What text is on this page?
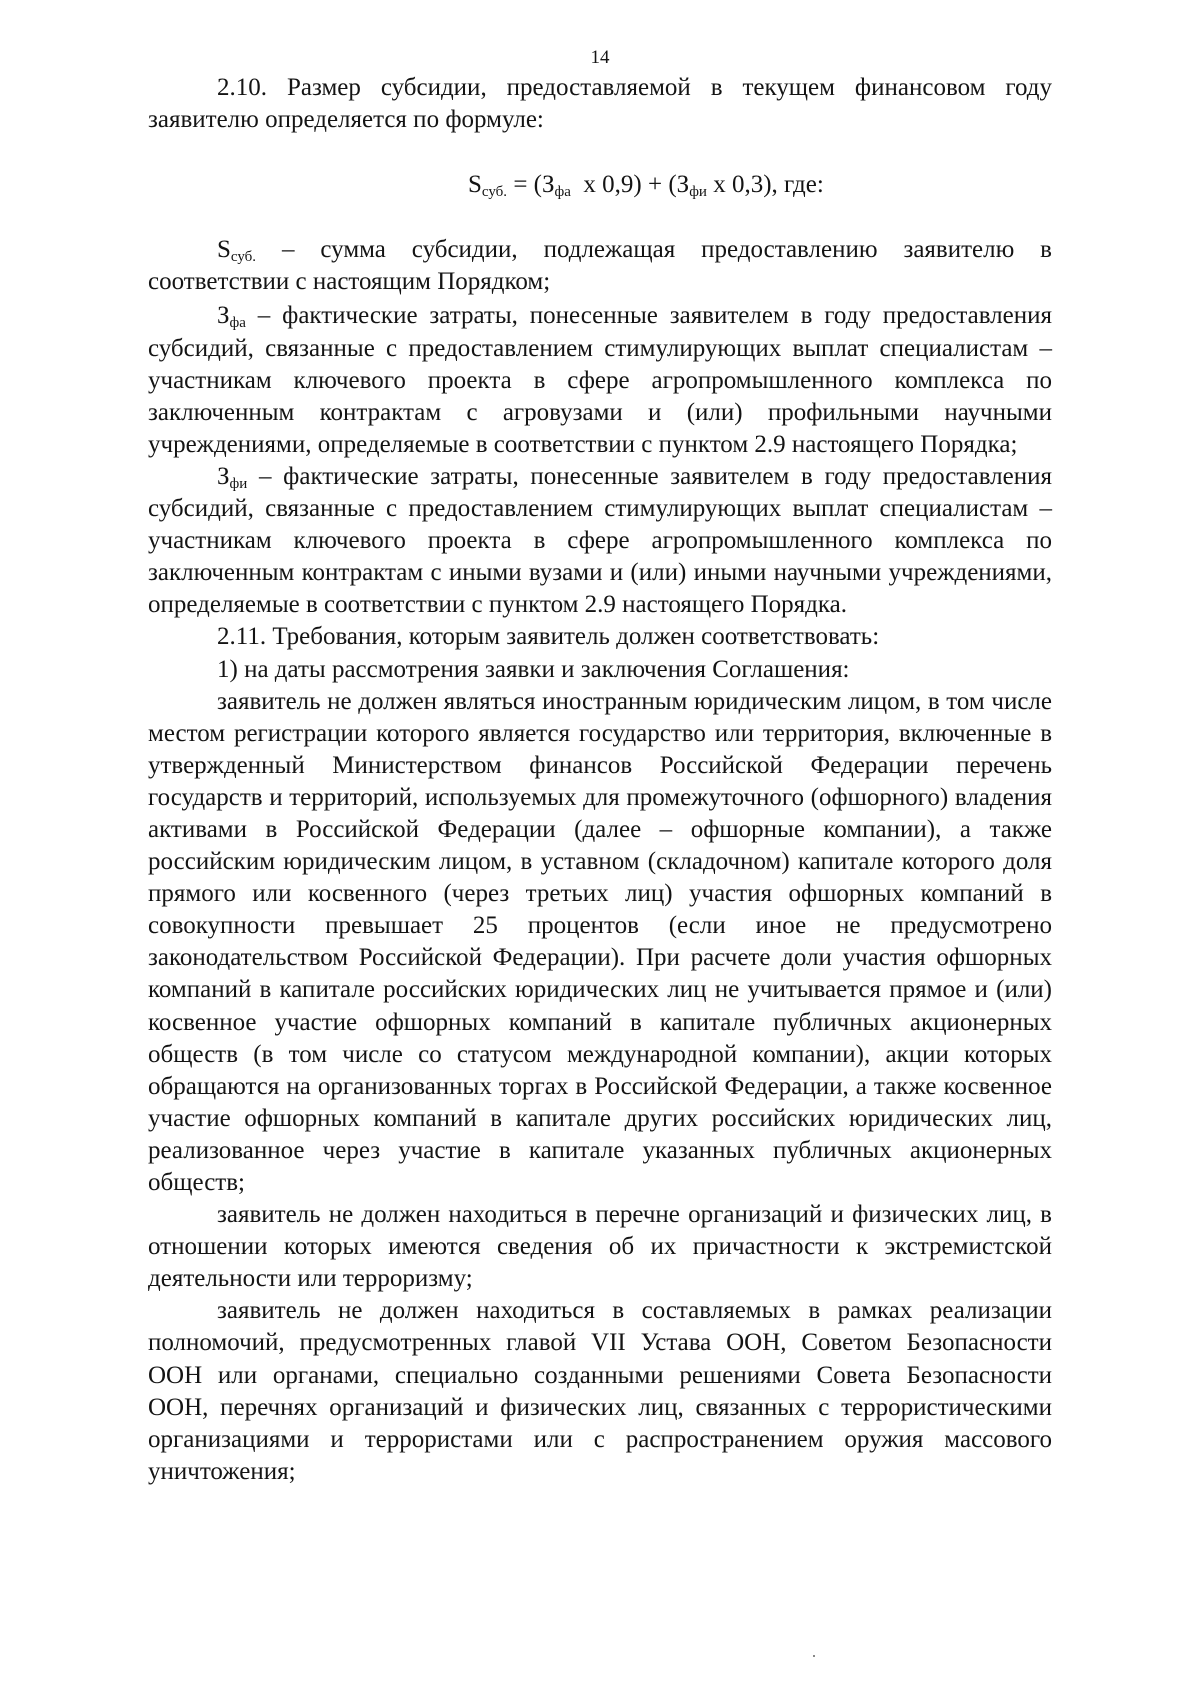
14

2.10. Размер субсидии, предоставляемой в текущем финансовом году заявителю определяется по формуле:

$S_{суб.} = (З_{фа}$  х $0,9) + (З_{фи}$ х 0,3), где:

$S_{суб.}$ – сумма субсидии, подлежащая предоставлению заявителю в соответствии с настоящим Порядком;

$З_{фа}$ – фактические затраты, понесенные заявителем в году предоставления субсидий, связанные с предоставлением стимулирующих выплат специалистам – участникам ключевого проекта в сфере агропромышленного комплекса по заключенным контрактам с агровузами и (или) профильными научными учреждениями, определяемые в соответствии с пунктом 2.9 настоящего Порядка;

$З_{фи}$ – фактические затраты, понесенные заявителем в году предоставления субсидий, связанные с предоставлением стимулирующих выплат специалистам – участникам ключевого проекта в сфере агропромышленного комплекса по заключенным контрактам с иными вузами и (или) иными научными учреждениями, определяемые в соответствии с пунктом 2.9 настоящего Порядка.

2.11. Требования, которым заявитель должен соответствовать:

1) на даты рассмотрения заявки и заключения Соглашения:

заявитель не должен являться иностранным юридическим лицом, в том числе местом регистрации которого является государство или территория, включенные в утвержденный Министерством финансов Российской Федерации перечень государств и территорий, используемых для промежуточного (офшорного) владения активами в Российской Федерации (далее – офшорные компании), а также российским юридическим лицом, в уставном (складочном) капитале которого доля прямого или косвенного (через третьих лиц) участия офшорных компаний в совокупности превышает 25 процентов (если иное не предусмотрено законодательством Российской Федерации). При расчете доли участия офшорных компаний в капитале российских юридических лиц не учитывается прямое и (или) косвенное участие офшорных компаний в капитале публичных акционерных обществ (в том числе со статусом международной компании), акции которых обращаются на организованных торгах в Российской Федерации, а также косвенное участие офшорных компаний в капитале других российских юридических лиц, реализованное через участие в капитале указанных публичных акционерных обществ;

заявитель не должен находиться в перечне организаций и физических лиц, в отношении которых имеются сведения об их причастности к экстремистской деятельности или терроризму;

заявитель не должен находиться в составляемых в рамках реализации полномочий, предусмотренных главой VII Устава ООН, Советом Безопасности ООН или органами, специально созданными решениями Совета Безопасности ООН, перечнях организаций и физических лиц, связанных с террористическими организациями и террористами или с распространением оружия массового уничтожения;
